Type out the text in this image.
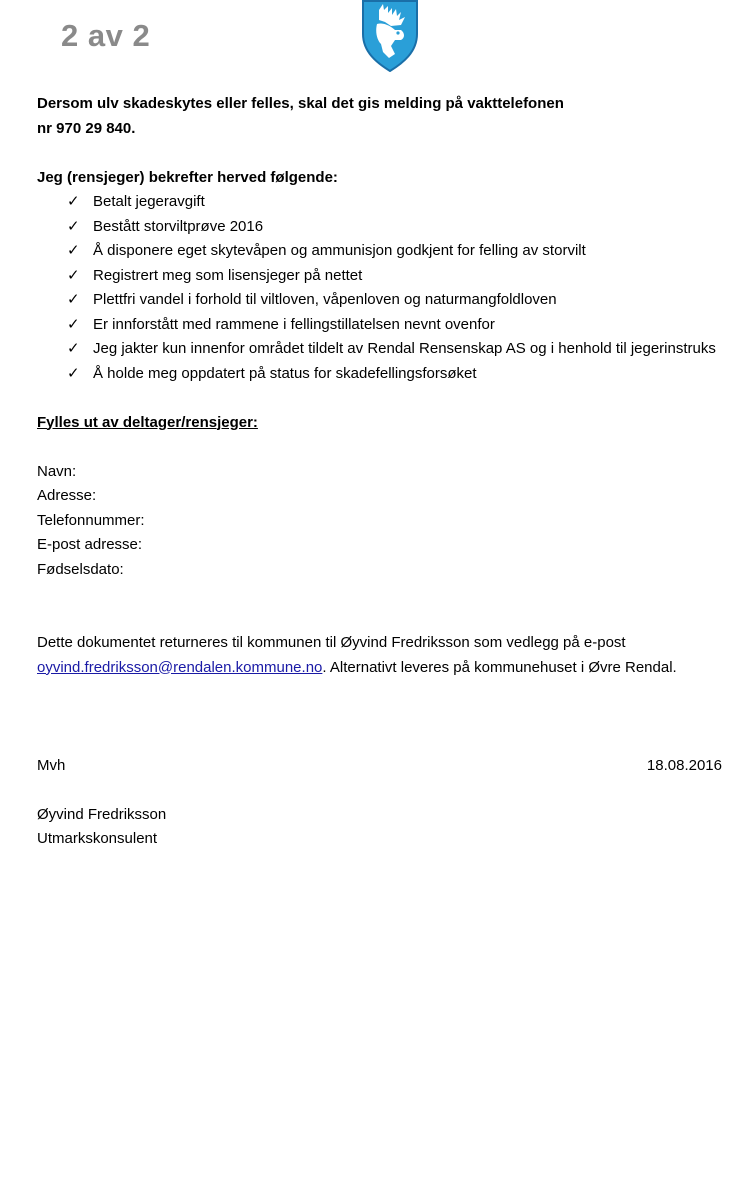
2 av 2

Dersom ulv skadeskytes eller felles, skal det gis melding på vakttelefonen

nr 970 29 840.

Jeg (rensjeger) bekrefter herved følgende:

✓ Betalt jegeravgift
✓ Bestått storviltprøve 2016
✓ Å disponere eget skytevåpen og ammunisjon godkjent for felling av storvilt
✓ Registrert meg som lisensjeger på nettet
✓ Plettfri vandel i forhold til viltloven, våpenloven og naturmangfoldloven
✓ Er innforstått med rammene i fellingstillatelsen nevnt ovenfor
✓ Jeg jakter kun innenfor området tildelt av Rendal Rensenskap AS og i henhold til jegerinstruks
✓ Å holde meg oppdatert på status for skadefellingsforsøket

Fylles ut av deltager/rensjeger:

Navn:

Adresse:

Telefonnummer:

E-post adresse:

Fødselsdato:

Dette dokumentet returneres til kommunen til Øyvind Fredriksson som vedlegg på e-post

oyvind.fredriksson@rendalen.kommune.no. Alternativt leveres på kommunehuset i Øvre Rendal.

Mvh	18.08.2016

Øyvind Fredriksson

Utmarkskonsulent
